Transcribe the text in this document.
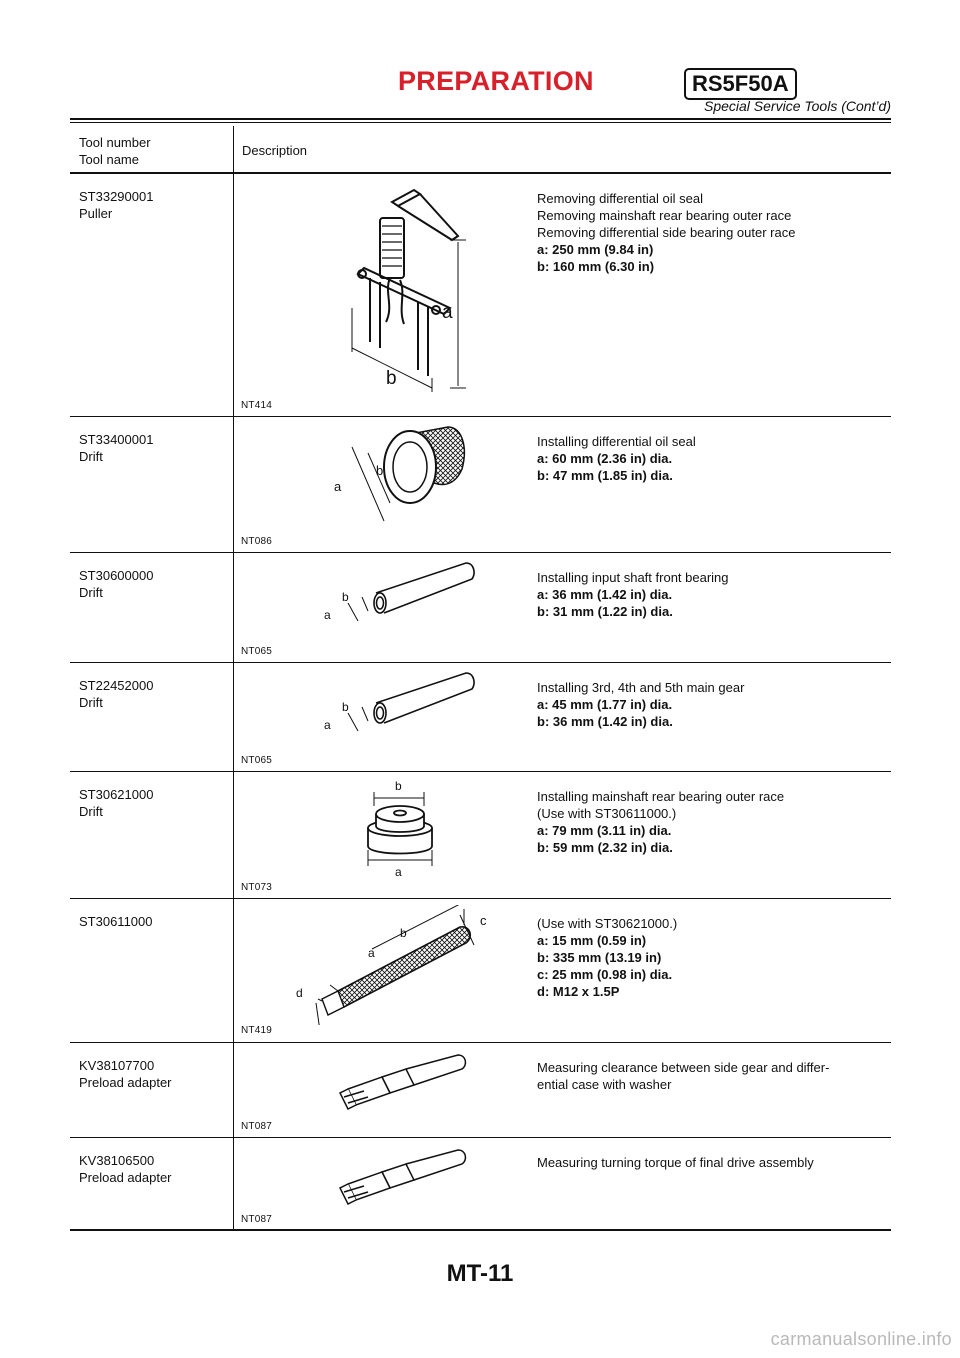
PREPARATION	RS5F50A
Special Service Tools (Cont’d)
Tool number
Tool name
Description
ST33290001
Puller
a
b
NT414
Removing differential oil seal
Removing mainshaft rear bearing outer race
Removing differential side bearing outer race
a: 250 mm (9.84 in)
b: 160 mm (6.30 in)
ST33400001
Drift
a
b
NT086
Installing differential oil seal
a: 60 mm (2.36 in) dia.
b: 47 mm (1.85 in) dia.
ST30600000
Drift
a
b
NT065
Installing input shaft front bearing
a: 36 mm (1.42 in) dia.
b: 31 mm (1.22 in) dia.
ST22452000
Drift
a
b
NT065
Installing 3rd, 4th and 5th main gear
a: 45 mm (1.77 in) dia.
b: 36 mm (1.42 in) dia.
ST30621000
Drift
b
a
NT073
Installing mainshaft rear bearing outer race
(Use with ST30611000.)
a: 79 mm (3.11 in) dia.
b: 59 mm (2.32 in) dia.
ST30611000
a
b
c
d
NT419
(Use with ST30621000.)
a: 15 mm (0.59 in)
b: 335 mm (13.19 in)
c: 25 mm (0.98 in) dia.
d: M12 x 1.5P
KV38107700
Preload adapter
NT087
Measuring clearance between side gear and differ-
ential case with washer
KV38106500
Preload adapter
NT087
Measuring turning torque of final drive assembly
MT-11
carmanualsonline.info
